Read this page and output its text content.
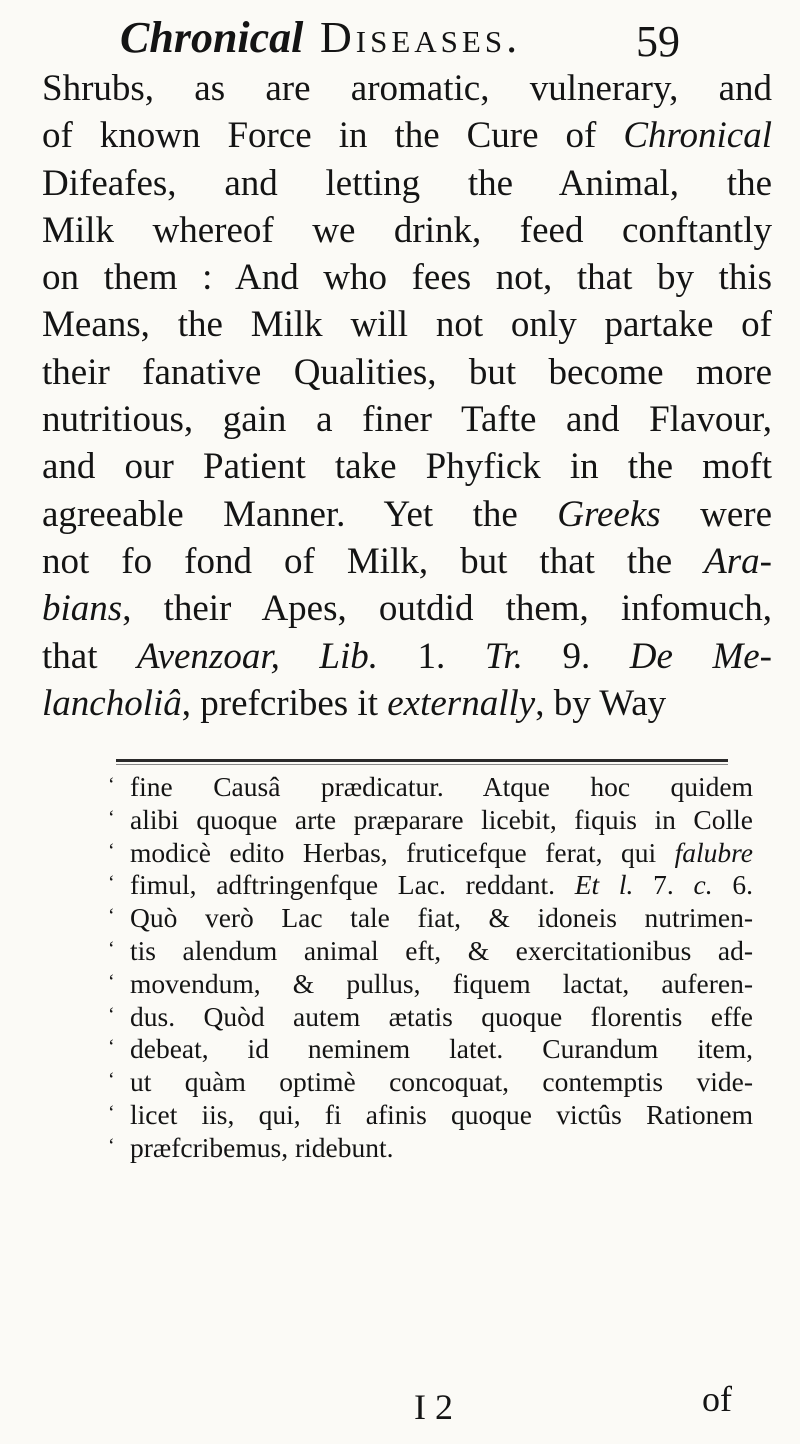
Chronical Diseases.	59
Shrubs, as are aromatic, vulnerary, and
of known Force in the Cure of Chronical
Difeafes, and letting the Animal, the
Milk whereof we drink, feed conftantly
on them : And who fees not, that by this
Means, the Milk will not only partake of
their fanative Qualities, but become more
nutritious, gain a finer Tafte and Flavour,
and our Patient take Phyfick in the moft
agreeable Manner. Yet the Greeks were
not fo fond of Milk, but that the Ara-
bians, their Apes, outdid them, infomuch,
that Avenzoar, Lib. 1. Tr. 9. De Me-
lancholiâ, prefcribes it externally, by Way
‘ fine Causâ prædicatur. Atque hoc quidem
‘ alibi quoque arte præparare licebit, fiquis in Colle
‘ modicè edito Herbas, fruticefque ferat, qui falubre
‘ fimul, adftringenfque Lac. reddant. Et l. 7. c. 6.
‘ Quò verò Lac tale fiat, & idoneis nutrimen-
‘ tis alendum animal eft, & exercitationibus ad-
‘ movendum, & pullus, fiquem lactat, auferen-
‘ dus. Quòd autem ætatis quoque florentis effe
‘ debeat, id neminem latet. Curandum item,
‘ ut quàm optimè concoquat, contemptis vide-
‘ licet iis, qui, fi afinis quoque victûs Rationem
‘ præfcribemus, ridebunt.
I 2	of
